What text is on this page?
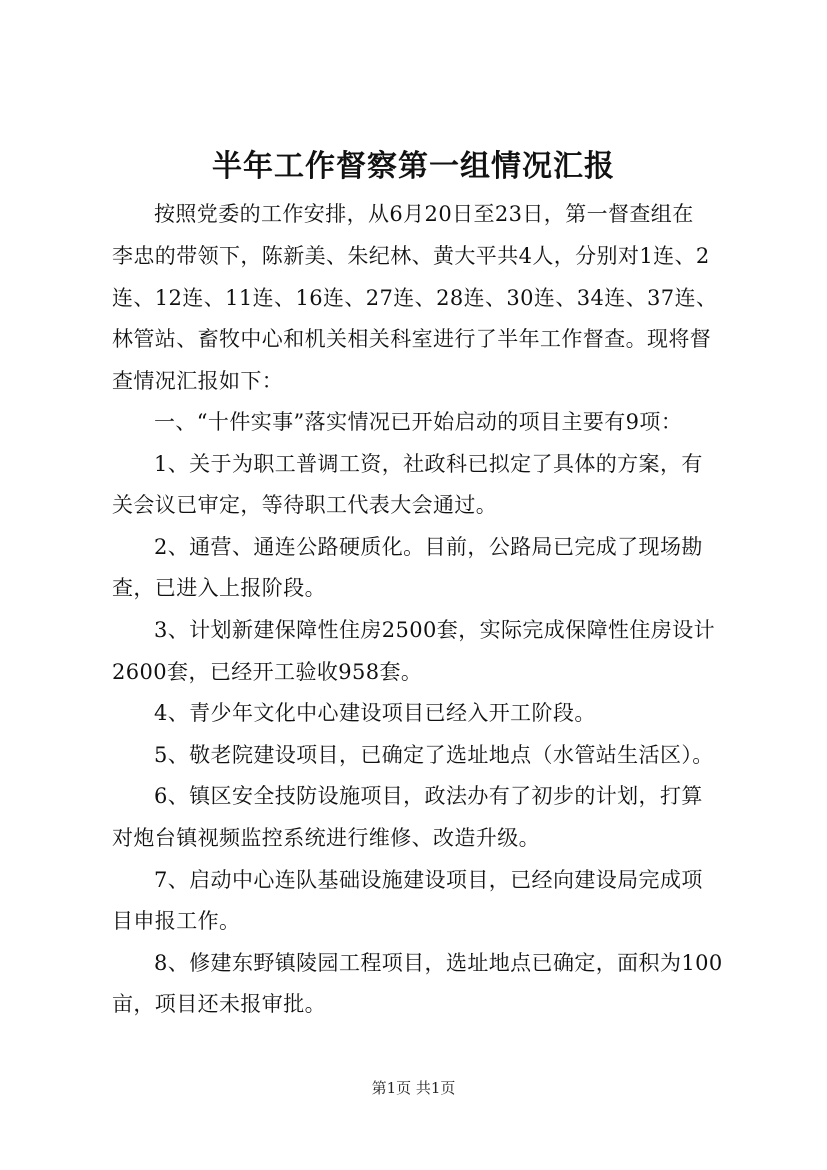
半年工作督察第一组情况汇报
按照党委的工作安排，从6月20日至23日，第一督查组在
李忠的带领下，陈新美、朱纪林、黄大平共4人，分别对1连、2
连、12连、11连、16连、27连、28连、30连、34连、37连、
林管站、畜牧中心和机关相关科室进行了半年工作督查。现将督
查情况汇报如下：
一、“十件实事”落实情况已开始启动的项目主要有9项：
1、关于为职工普调工资，社政科已拟定了具体的方案，有
关会议已审定，等待职工代表大会通过。
2、通营、通连公路硬质化。目前，公路局已完成了现场勘
查，已进入上报阶段。
3、计划新建保障性住房2500套，实际完成保障性住房设计
2600套，已经开工验收958套。
4、青少年文化中心建设项目已经入开工阶段。
5、敬老院建设项目，已确定了选址地点（水管站生活区）。
6、镇区安全技防设施项目，政法办有了初步的计划，打算
对炮台镇视频监控系统进行维修、改造升级。
7、启动中心连队基础设施建设项目，已经向建设局完成项
目申报工作。
8、修建东野镇陵园工程项目，选址地点已确定，面积为100
亩，项目还未报审批。
第1页 共1页
